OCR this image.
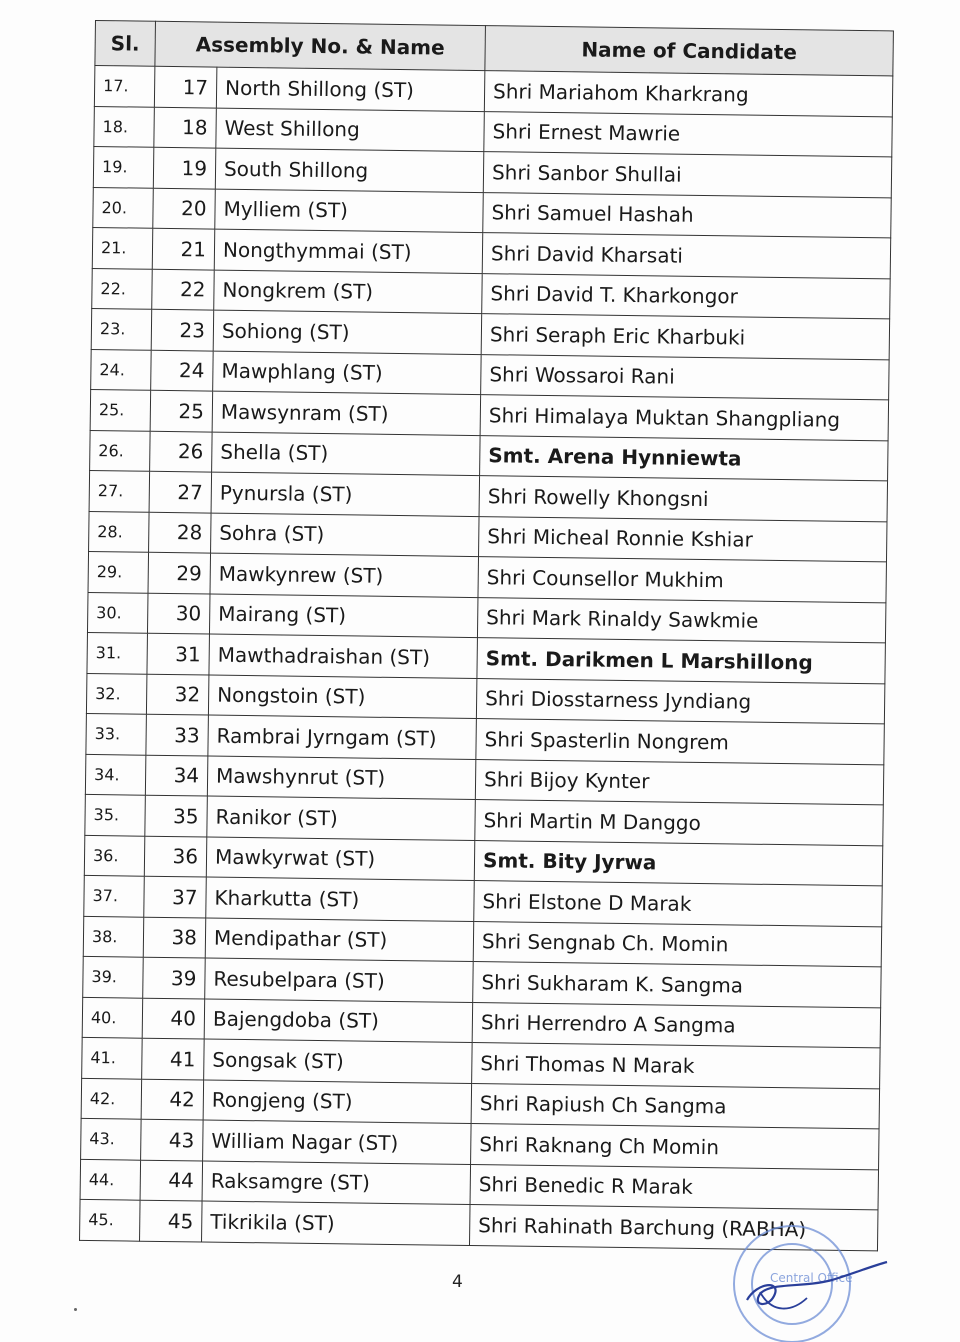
Sl.	Assembly No. & Name		Name of Candidate
17.	17	North Shillong (ST)	Shri Mariahom Kharkrang
18.	18	West Shillong	Shri Ernest Mawrie
19.	19	South Shillong	Shri Sanbor Shullai
20.	20	Mylliem (ST)	Shri Samuel Hashah
21.	21	Nongthymmai (ST)	Shri David Kharsati
22.	22	Nongkrem (ST)	Shri David T. Kharkongor
23.	23	Sohiong (ST)	Shri Seraph Eric Kharbuki
24.	24	Mawphlang (ST)	Shri Wossaroi Rani
25.	25	Mawsynram (ST)	Shri Himalaya Muktan Shangpliang
26.	26	Shella (ST)	Smt. Arena Hynniewta
27.	27	Pynursla (ST)	Shri Rowelly Khongsni
28.	28	Sohra (ST)	Shri Micheal Ronnie Kshiar
29.	29	Mawkynrew (ST)	Shri Counsellor Mukhim
30.	30	Mairang (ST)	Shri Mark Rinaldy Sawkmie
31.	31	Mawthadraishan (ST)	Smt. Darikmen L Marshillong
32.	32	Nongstoin (ST)	Shri Diosstarness Jyndiang
33.	33	Rambrai Jyrngam (ST)	Shri Spasterlin Nongrem
34.	34	Mawshynrut (ST)	Shri Bijoy Kynter
35.	35	Ranikor (ST)	Shri Martin M Danggo
36.	36	Mawkyrwat (ST)	Smt. Bity Jyrwa
37.	37	Kharkutta (ST)	Shri Elstone D Marak
38.	38	Mendipathar (ST)	Shri Sengnab Ch. Momin
39.	39	Resubelpara (ST)	Shri Sukharam K. Sangma
40.	40	Bajengdoba (ST)	Shri Herrendro A Sangma
41.	41	Songsak (ST)	Shri Thomas N Marak
42.	42	Rongjeng (ST)	Shri Rapiush Ch Sangma
43.	43	William Nagar (ST)	Shri Raknang Ch Momin
44.	44	Raksamgre (ST)	Shri Benedic R Marak
45.	45	Tikrikila (ST)	Shri Rahinath Barchung (RABHA)
4	Central Office
